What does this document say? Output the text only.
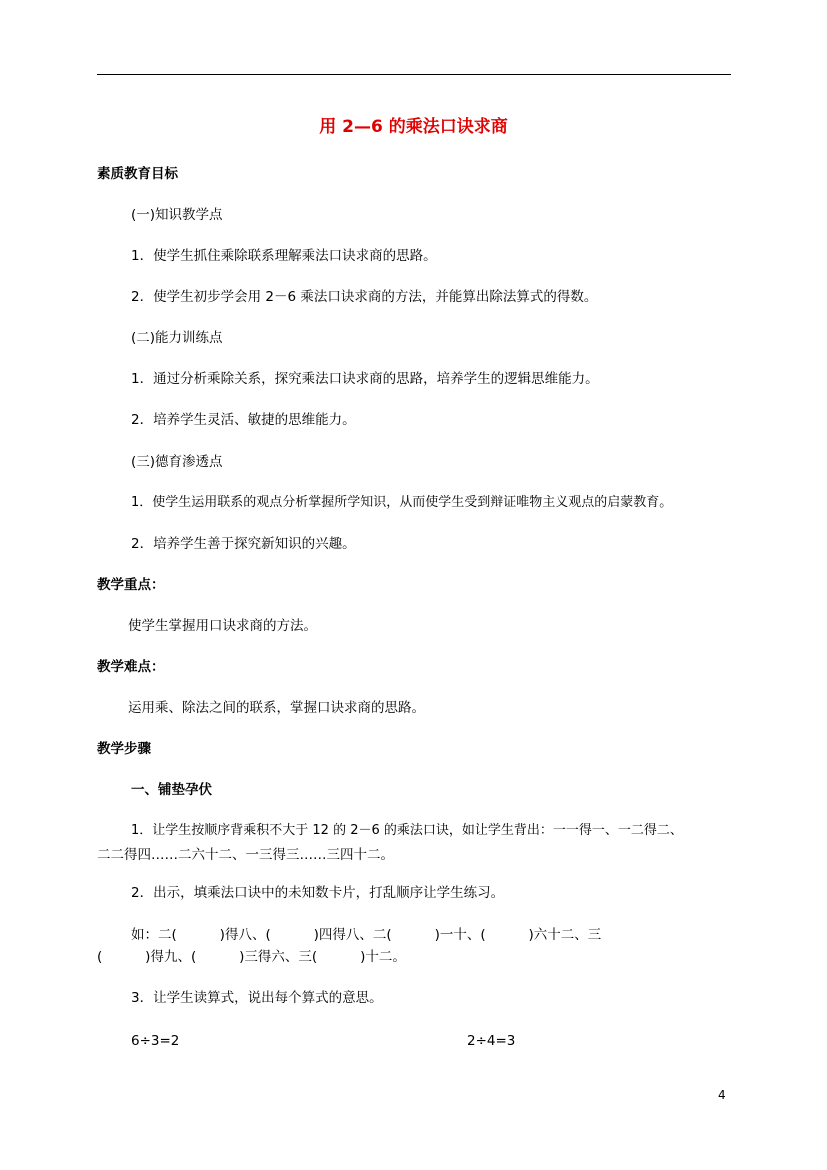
用 2—6 的乘法口诀求商
素质教育目标
(一)知识教学点
1．使学生抓住乘除联系理解乘法口诀求商的思路。
2．使学生初步学会用 2－6 乘法口诀求商的方法，并能算出除法算式的得数。
(二)能力训练点
1．通过分析乘除关系，探究乘法口诀求商的思路，培养学生的逻辑思维能力。
2．培养学生灵活、敏捷的思维能力。
(三)德育渗透点
1．使学生运用联系的观点分析掌握所学知识，从而使学生受到辩证唯物主义观点的启蒙教育。
2．培养学生善于探究新知识的兴趣。
教学重点：
使学生掌握用口诀求商的方法。
教学难点：
运用乘、除法之间的联系，掌握口诀求商的思路。
教学步骤
一、铺垫孕伏
1．让学生按顺序背乘积不大于 12 的 2－6 的乘法口诀，如让学生背出：一一得一、一二得二、
二二得四……二六十二、一三得三……三四十二。
2．出示，填乘法口诀中的未知数卡片，打乱顺序让学生练习。
如：二(          )得八、(          )四得八、二(          )一十、(          )六十二、三
(          )得九、(          )三得六、三(          )十二。
3．让学生读算式，说出每个算式的意思。
6÷3=2	2÷4=3
4
